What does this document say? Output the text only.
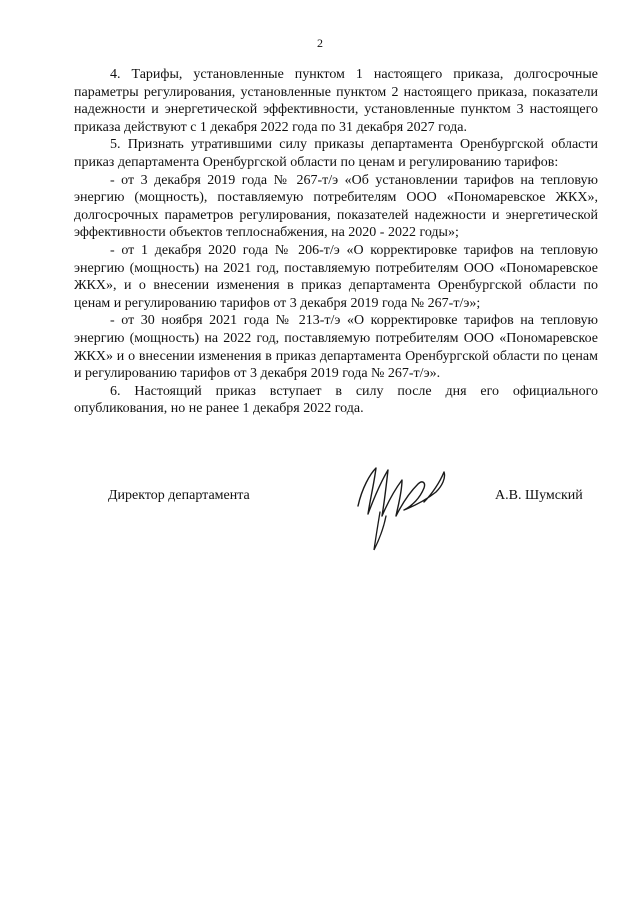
2

4. Тарифы, установленные пунктом 1 настоящего приказа, долгосрочные параметры регулирования, установленные пунктом 2 настоящего приказа, показатели надежности и энергетической эффективности, установленные пунктом 3 настоящего приказа действуют с 1 декабря 2022 года по 31 декабря 2027 года.

5. Признать утратившими силу приказы департамента Оренбургской области приказ департамента Оренбургской области по ценам и регулированию тарифов:

- от 3 декабря 2019 года № 267-т/э «Об установлении тарифов на тепловую энергию (мощность), поставляемую потребителям ООО «Пономаревское ЖКХ», долгосрочных параметров регулирования, показателей надежности и энергетической эффективности объектов теплоснабжения, на 2020 - 2022 годы»;

- от 1 декабря 2020 года № 206-т/э «О корректировке тарифов на тепловую энергию (мощность) на 2021 год, поставляемую потребителям ООО «Пономаревское ЖКХ», и о внесении изменения в приказ департамента Оренбургской области по ценам и регулированию тарифов от 3 декабря 2019 года № 267-т/э»;

- от 30 ноября 2021 года № 213-т/э «О корректировке тарифов на тепловую энергию (мощность) на 2022 год, поставляемую потребителям ООО «Пономаревское ЖКХ» и о внесении изменения в приказ департамента Оренбургской области по ценам и регулированию тарифов от 3 декабря 2019 года № 267-т/э».

6. Настоящий приказ вступает в силу после дня его официального опубликования, но не ранее 1 декабря 2022 года.

Директор департамента	А.В. Шумский
